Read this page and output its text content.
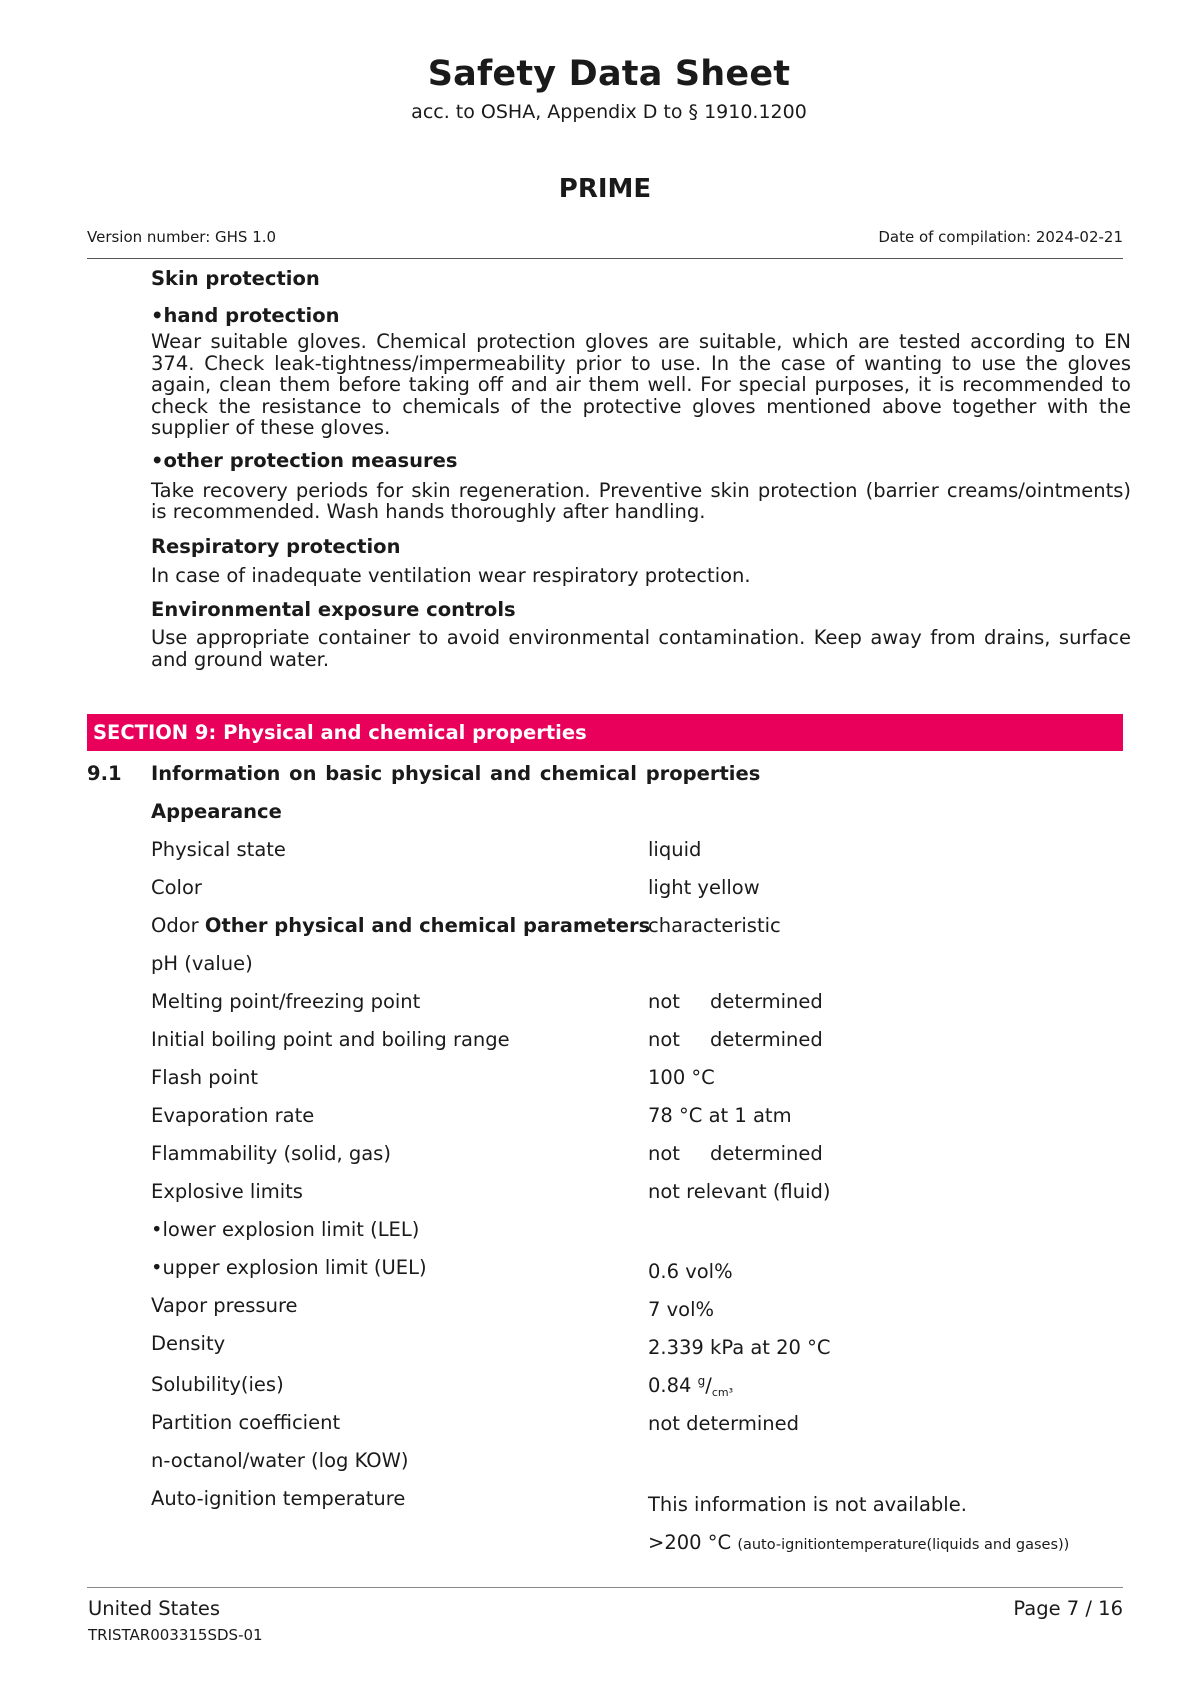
Safety Data Sheet
acc. to OSHA, Appendix D to § 1910.1200
PRIME
Version number: GHS 1.0	Date of compilation: 2024-02-21
Skin protection
•hand protection
Wear suitable gloves. Chemical protection gloves are suitable, which are tested according to EN 374. Check leak-tightness/impermeability prior to use. In the case of wanting to use the gloves again, clean them before taking off and air them well. For special purposes, it is recommended to check the resistance to chemicals of the protective gloves mentioned above together with the supplier of these gloves.
•other protection measures
Take recovery periods for skin regeneration. Preventive skin protection (barrier creams/ointments) is recommended. Wash hands thoroughly after handling.
Respiratory protection
In case of inadequate ventilation wear respiratory protection.
Environmental exposure controls
Use appropriate container to avoid environmental contamination. Keep away from drains, surface and ground water.
SECTION 9: Physical and chemical properties
9.1 Information on basic physical and chemical properties
Appearance
Physical state
Color
Odor Other physical and chemical parameters
pH (value)
Melting point/freezing point
Initial boiling point and boiling range
Flash point
Evaporation rate
Flammability (solid, gas)
Explosive limits
•lower explosion limit (LEL)
•upper explosion limit (UEL)
Vapor pressure
Density
Solubility(ies)
Partition coefficient
n-octanol/water (log KOW)
Auto-ignition temperature
liquid
light yellow
characteristic
not determined
not determined
100 °C
78 °C at 1 atm
not determined
not relevant (fluid)
0.6 vol%
7 vol%
2.339 kPa at 20 °C
0.84 $^g/_{cm^3}$
not determined
This information is not available.
>200 °C (auto-ignitiontemperature(liquids and gases))
United States
TRISTAR003315SDS-01
Page 7 / 16
